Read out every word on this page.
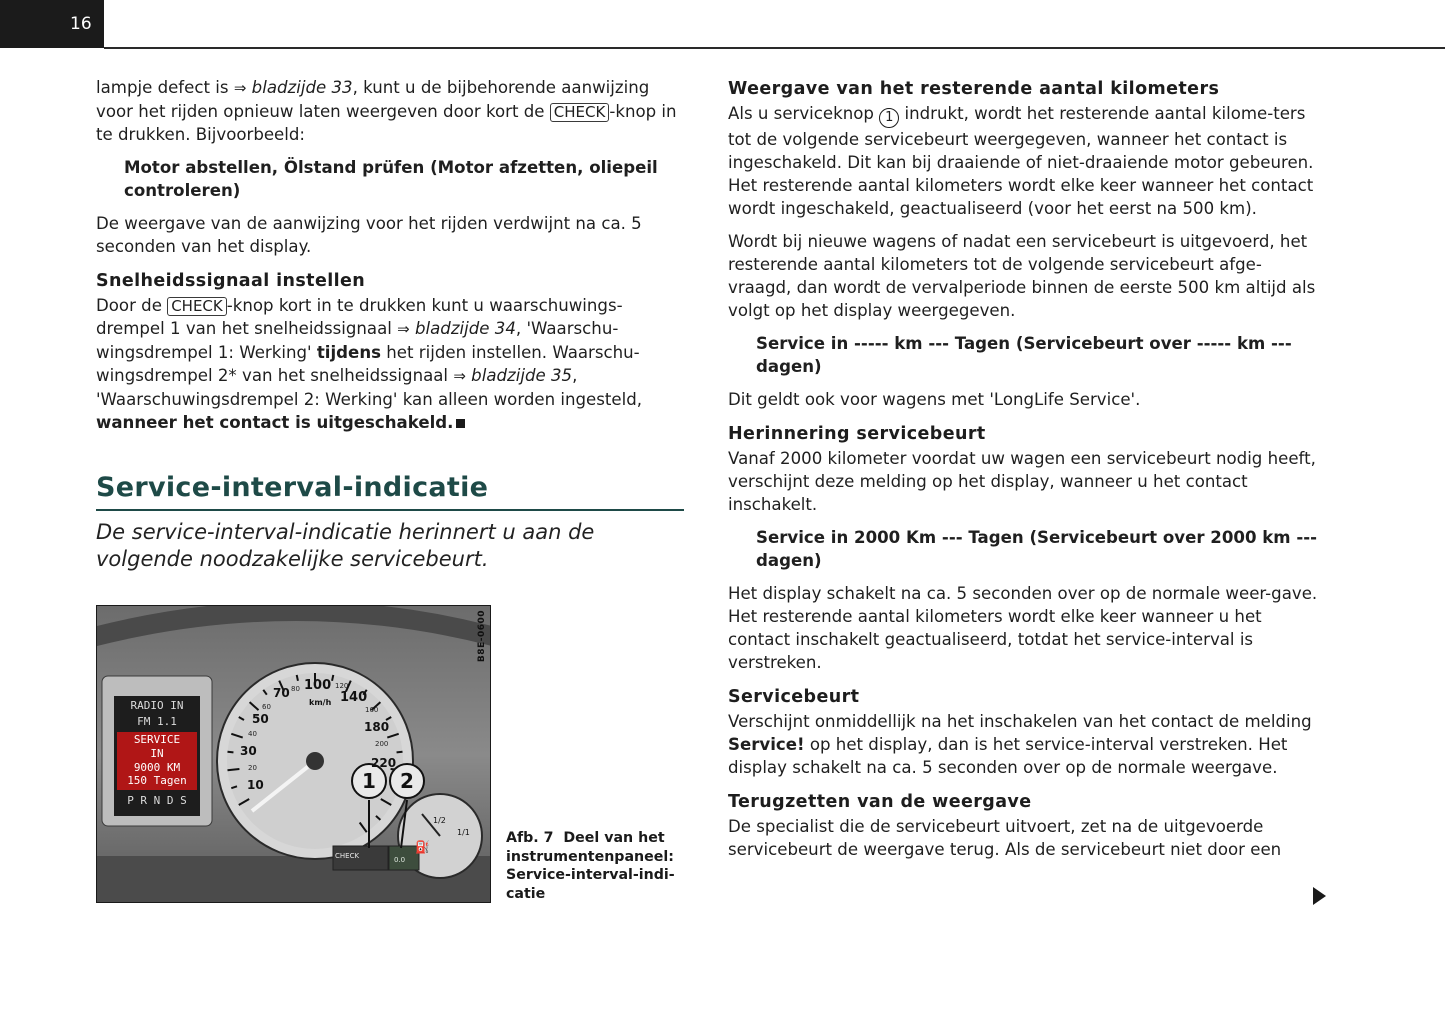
16

lampje defect is ⇒ bladzijde 33, kunt u de bijbehorende aanwijzing voor het rijden opnieuw laten weergeven door kort de CHECK -knop in te drukken. Bijvoorbeeld:

Motor abstellen, Ölstand prüfen (Motor afzetten, oliepeil controleren)

De weergave van de aanwijzing voor het rijden verdwijnt na ca. 5 seconden van het display.

Snelheidssignaal instellen

Door de CHECK -knop kort in te drukken kunt u waarschuwings-drempel 1 van het snelheidssignaal ⇒ bladzijde 34, 'Waarschu-wingsdrempel 1: Werking' tijdens het rijden instellen. Waarschu-wingsdrempel 2* van het snelheidssignaal ⇒ bladzijde 35, 'Waarschuwingsdrempel 2: Werking' kan alleen worden ingesteld, wanneer het contact is uitgeschakeld.

Service-interval-indicatie
De service-interval-indicatie herinnert u aan de volgende noodzakelijke servicebeurt.
RADIO IN
FM 1.1
SERVICE
IN
9000 KM
150 Tagen
P R N D S
10
30
50
70 100
140
180
220
20
40
60
80	120
160
200
km/h
1 2
CHECK	0.0
1/2
1/1
⛽
B8E-0600
Afb. 7 Deel van het instrumentenpaneel: Service-interval-indi-catie
Weergave van het resterende aantal kilometers

Als u serviceknop 1 indrukt, wordt het resterende aantal kilome-ters tot de volgende servicebeurt weergegeven, wanneer het contact is ingeschakeld. Dit kan bij draaiende of niet-draaiende motor gebeuren. Het resterende aantal kilometers wordt elke keer wanneer het contact wordt ingeschakeld, geactualiseerd (voor het eerst na 500 km).

Wordt bij nieuwe wagens of nadat een servicebeurt is uitgevoerd, het resterende aantal kilometers tot de volgende servicebeurt afge-vraagd, dan wordt de vervalperiode binnen de eerste 500 km altijd als volgt op het display weergegeven.

Service in ----- km --- Tagen (Servicebeurt over ----- km --- dagen)

Dit geldt ook voor wagens met 'LongLife Service'.

Herinnering servicebeurt

Vanaf 2000 kilometer voordat uw wagen een servicebeurt nodig heeft, verschijnt deze melding op het display, wanneer u het contact inschakelt.

Service in 2000 Km --- Tagen (Servicebeurt over 2000 km --- dagen)

Het display schakelt na ca. 5 seconden over op de normale weer-gave. Het resterende aantal kilometers wordt elke keer wanneer u het contact inschakelt geactualiseerd, totdat het service-interval is verstreken.

Servicebeurt

Verschijnt onmiddellijk na het inschakelen van het contact de melding Service! op het display, dan is het service-interval verstreken. Het display schakelt na ca. 5 seconden over op de normale weergave.

Terugzetten van de weergave

De specialist die de servicebeurt uitvoert, zet na de uitgevoerde servicebeurt de weergave terug. Als de servicebeurt niet door een
